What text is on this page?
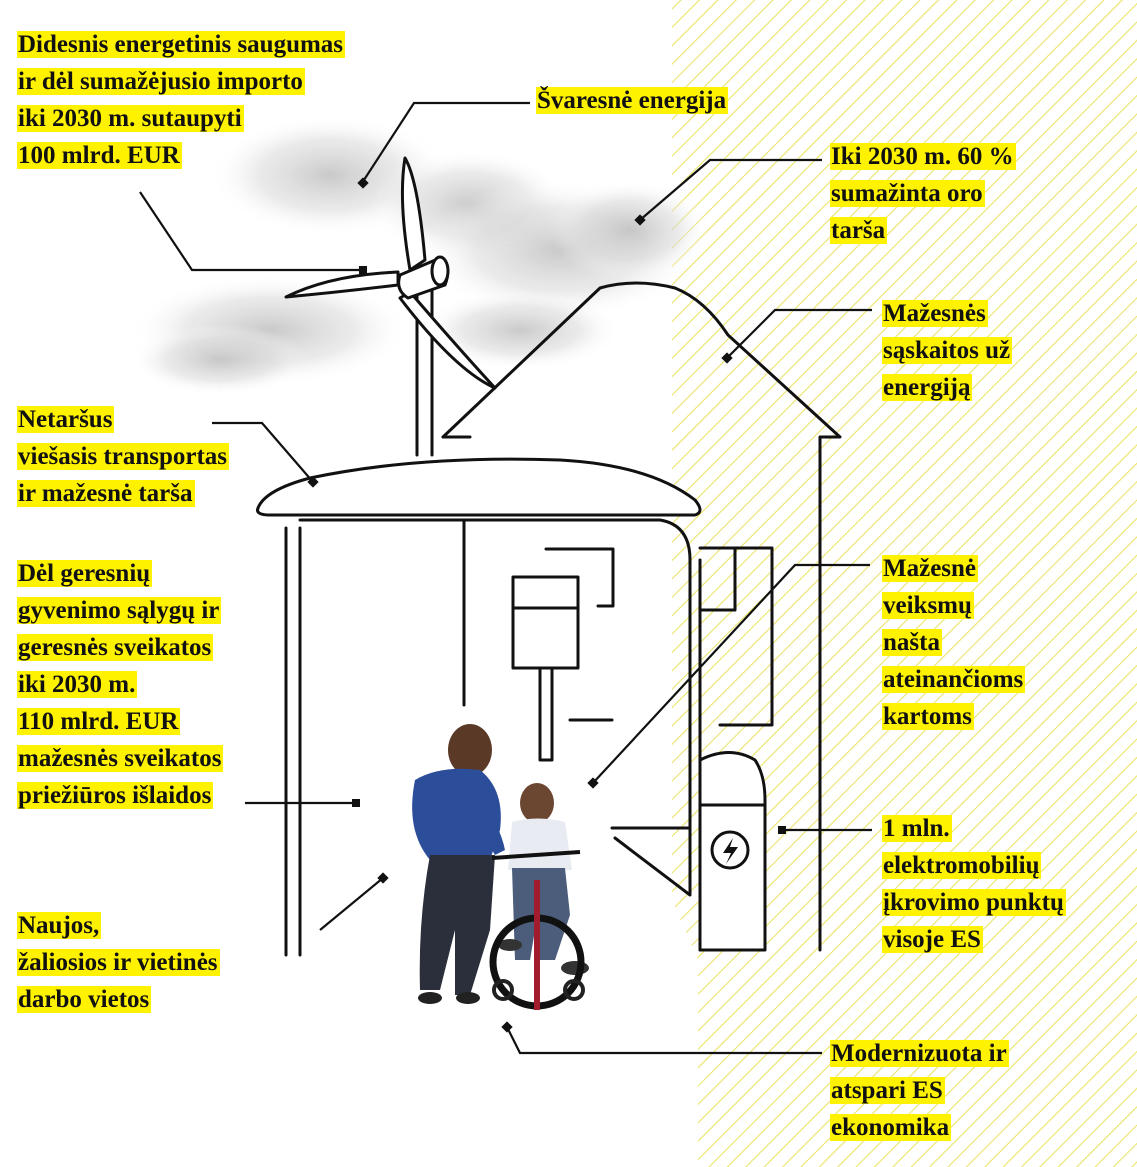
Didesnis energetinis saugumas
ir dėl sumažėjusio importo
iki 2030 m. sutaupyti
100 mlrd. EUR
Švaresnė energija
Iki 2030 m. 60 %
sumažinta oro
tarša
Mažesnės
sąskaitos už
energiją
Netaršus
viešasis transportas
ir mažesnė tarša
Dėl geresnių
gyvenimo sąlygų ir
geresnės sveikatos
iki 2030 m.
110 mlrd. EUR
mažesnės sveikatos
priežiūros išlaidos
Mažesnė
veiksmų
našta
ateinančioms
kartoms
1 mln.
elektromobilių
įkrovimo punktų
visoje ES
Naujos,
žaliosios ir vietinės
darbo vietos
Modernizuota ir
atspari ES
ekonomika
